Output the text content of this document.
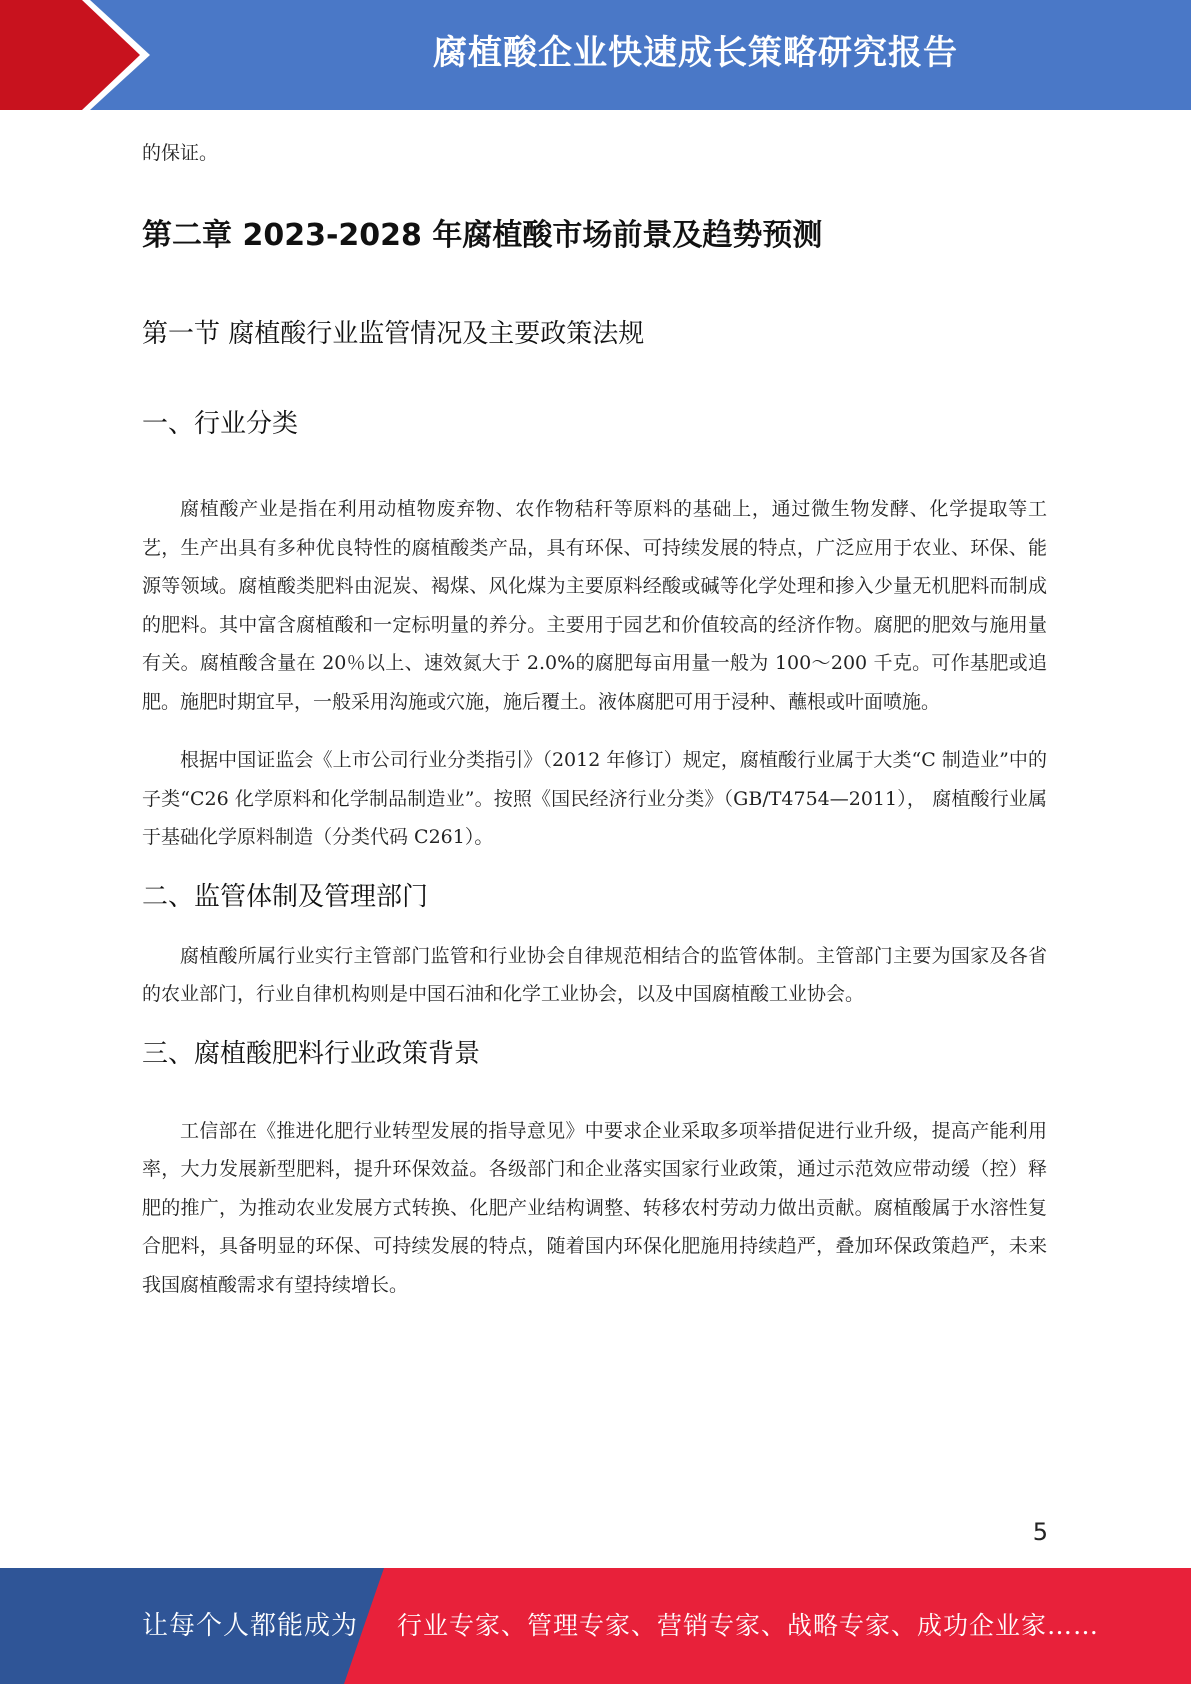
腐植酸企业快速成长策略研究报告
的保证。
第二章 2023-2028 年腐植酸市场前景及趋势预测
第一节 腐植酸行业监管情况及主要政策法规
一、行业分类

腐植酸产业是指在利用动植物废弃物、农作物秸秆等原料的基础上，通过微生物发酵、化学提取等工艺，生产出具有多种优良特性的腐植酸类产品，具有环保、可持续发展的特点，广泛应用于农业、环保、能源等领域。腐植酸类肥料由泥炭、褐煤、风化煤为主要原料经酸或碱等化学处理和掺入少量无机肥料而制成的肥料。其中富含腐植酸和一定标明量的养分。主要用于园艺和价值较高的经济作物。腐肥的肥效与施用量有关。腐植酸含量在 20％以上、速效氮大于 2.0%的腐肥每亩用量一般为 100～200 千克。可作基肥或追肥。施肥时期宜早，一般采用沟施或穴施，施后覆土。液体腐肥可用于浸种、蘸根或叶面喷施。

根据中国证监会《上市公司行业分类指引》（2012 年修订）规定，腐植酸行业属于大类“C 制造业”中的子类“C26 化学原料和化学制品制造业”。按照《国民经济行业分类》（GB/T4754—2011）， 腐植酸行业属于基础化学原料制造（分类代码 C261）。

二、监管体制及管理部门

腐植酸所属行业实行主管部门监管和行业协会自律规范相结合的监管体制。主管部门主要为国家及各省的农业部门，行业自律机构则是中国石油和化学工业协会，以及中国腐植酸工业协会。

三、腐植酸肥料行业政策背景

工信部在《推进化肥行业转型发展的指导意见》中要求企业采取多项举措促进行业升级，提高产能利用率，大力发展新型肥料，提升环保效益。各级部门和企业落实国家行业政策，通过示范效应带动缓（控）释肥的推广，为推动农业发展方式转换、化肥产业结构调整、转移农村劳动力做出贡献。腐植酸属于水溶性复合肥料，具备明显的环保、可持续发展的特点，随着国内环保化肥施用持续趋严，叠加环保政策趋严，未来我国腐植酸需求有望持续增长。

5
让每个人都能成为 行业专家、管理专家、营销专家、战略专家、成功企业家……
